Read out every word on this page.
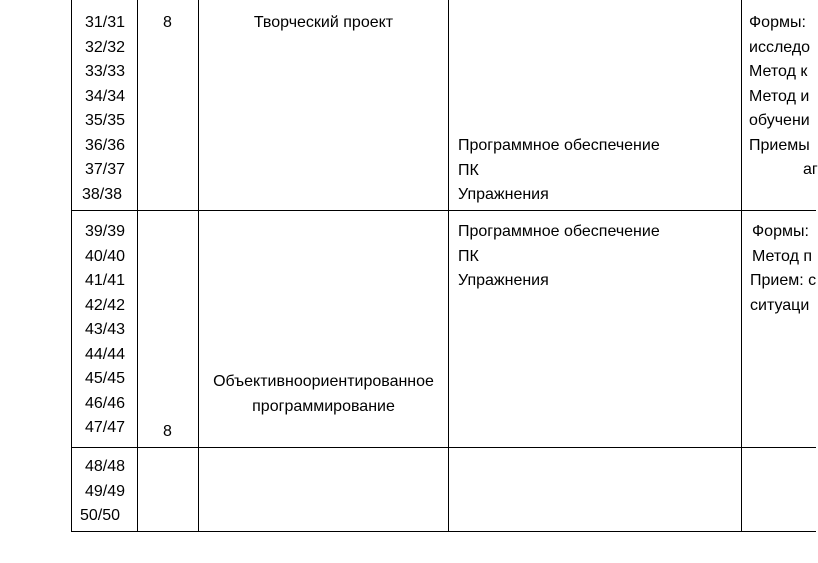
31/31
32/32
33/33
34/34
35/35
36/36
37/37
38/38
8	Творческий проект
Программное обеспечение
ПК
Упражнения
Формы:
исследо
Метод к
Метод и
обучени
Приемы
аг
39/39
40/40
41/41
42/42
43/43
44/44
45/45
46/46
47/47	8
Объективноориентированное
программирование
Программное обеспечение
ПК
Упражнения
Формы:
Метод п
Прием: с
ситуаци
48/48
49/49
50/50
